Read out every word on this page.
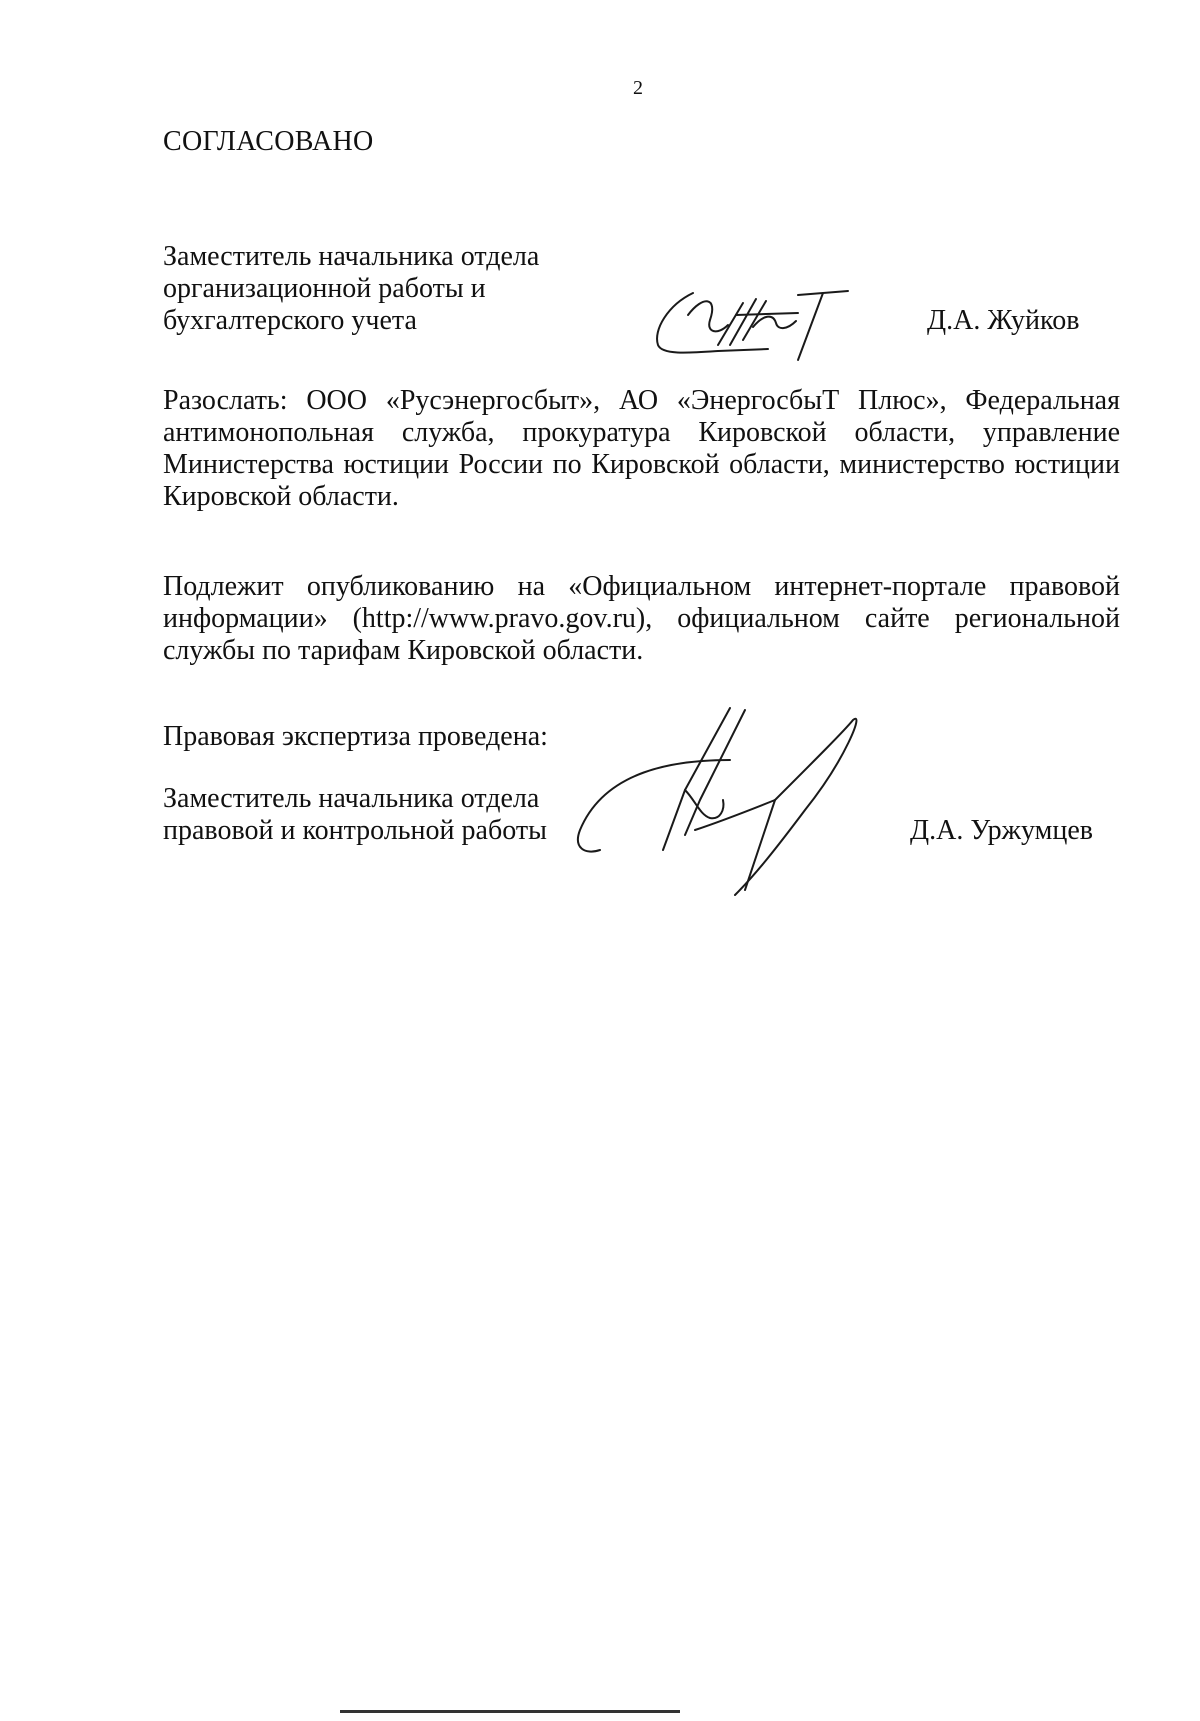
2
СОГЛАСОВАНО
Заместитель начальника отдела
организационной работы и
бухгалтерского учета	Д.А. Жуйков
Разослать: ООО «Русэнергосбыт», АО «ЭнергосбыТ Плюс», Федеральная антимонопольная служба, прокуратура Кировской области, управление Министерства юстиции России по Кировской области, министерство юстиции Кировской области.
Подлежит опубликованию на «Официальном интернет-портале правовой информации» (http://www.pravo.gov.ru), официальном сайте региональной службы по тарифам Кировской области.
Правовая экспертиза проведена:
Заместитель начальника отдела
правовой и контрольной работы	Д.А. Уржумцев
